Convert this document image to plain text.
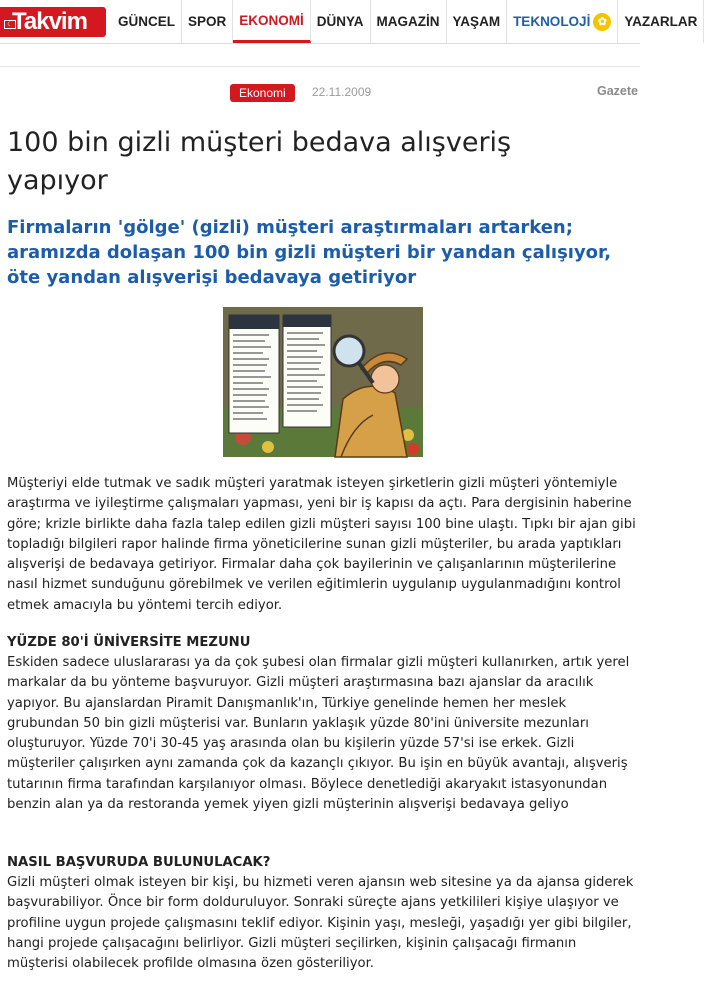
☾ Takvim	GÜNCEL SPOR EKONOMİ DÜNYA MAGAZİN YAŞAM TEKNOLOJİ ✿	YAZARLAR
Ekonomi	22.11.2009	Gazete
100 bin gizli müşteri bedava alışveriş yapıyor
Firmaların 'gölge' (gizli) müşteri araştırmaları artarken; aramızda dolaşan 100 bin gizli müşteri bir yandan çalışıyor, öte yandan alışverişi bedavaya getiriyor

Müşteriyi elde tutmak ve sadık müşteri yaratmak isteyen şirketlerin gizli müşteri yöntemiyle araştırma ve iyileştirme çalışmaları yapması, yeni bir iş kapısı da açtı. Para dergisinin haberine göre; krizle birlikte daha fazla talep edilen gizli müşteri sayısı 100 bine ulaştı. Tıpkı bir ajan gibi topladığı bilgileri rapor halinde firma yöneticilerine sunan gizli müşteriler, bu arada yaptıkları alışverişi de bedavaya getiriyor. Firmalar daha çok bayilerinin ve çalışanlarının müşterilerine nasıl hizmet sunduğunu görebilmek ve verilen eğitimlerin uygulanıp uygulanmadığını kontrol etmek amacıyla bu yöntemi tercih ediyor.

YÜZDE 80'İ ÜNİVERSİTE MEZUNU

Eskiden sadece uluslararası ya da çok şubesi olan firmalar gizli müşteri kullanırken, artık yerel markalar da bu yönteme başvuruyor. Gizli müşteri araştırmasına bazı ajanslar da aracılık yapıyor. Bu ajanslardan Piramit Danışmanlık'ın, Türkiye genelinde hemen her meslek grubundan 50 bin gizli müşterisi var. Bunların yaklaşık yüzde 80'ini üniversite mezunları oluşturuyor. Yüzde 70'i 30-45 yaş arasında olan bu kişilerin yüzde 57'si ise erkek. Gizli müşteriler çalışırken aynı zamanda çok da kazançlı çıkıyor. Bu işin en büyük avantajı, alışveriş tutarının firma tarafından karşılanıyor olması. Böylece denetlediği akaryakıt istasyonundan benzin alan ya da restoranda yemek yiyen gizli müşterinin alışverişi bedavaya geliyo

NASIL BAŞVURUDA BULUNULACAK?

Gizli müşteri olmak isteyen bir kişi, bu hizmeti veren ajansın web sitesine ya da ajansa giderek başvurabiliyor. Önce bir form dolduruluyor. Sonraki süreçte ajans yetkilileri kişiye ulaşıyor ve profiline uygun projede çalışmasını teklif ediyor. Kişinin yaşı, mesleği, yaşadığı yer gibi bilgiler, hangi projede çalışacağını belirliyor. Gizli müşteri seçilirken, kişinin çalışacağı firmanın müşterisi olabilecek profilde olmasına özen gösteriliyor.
